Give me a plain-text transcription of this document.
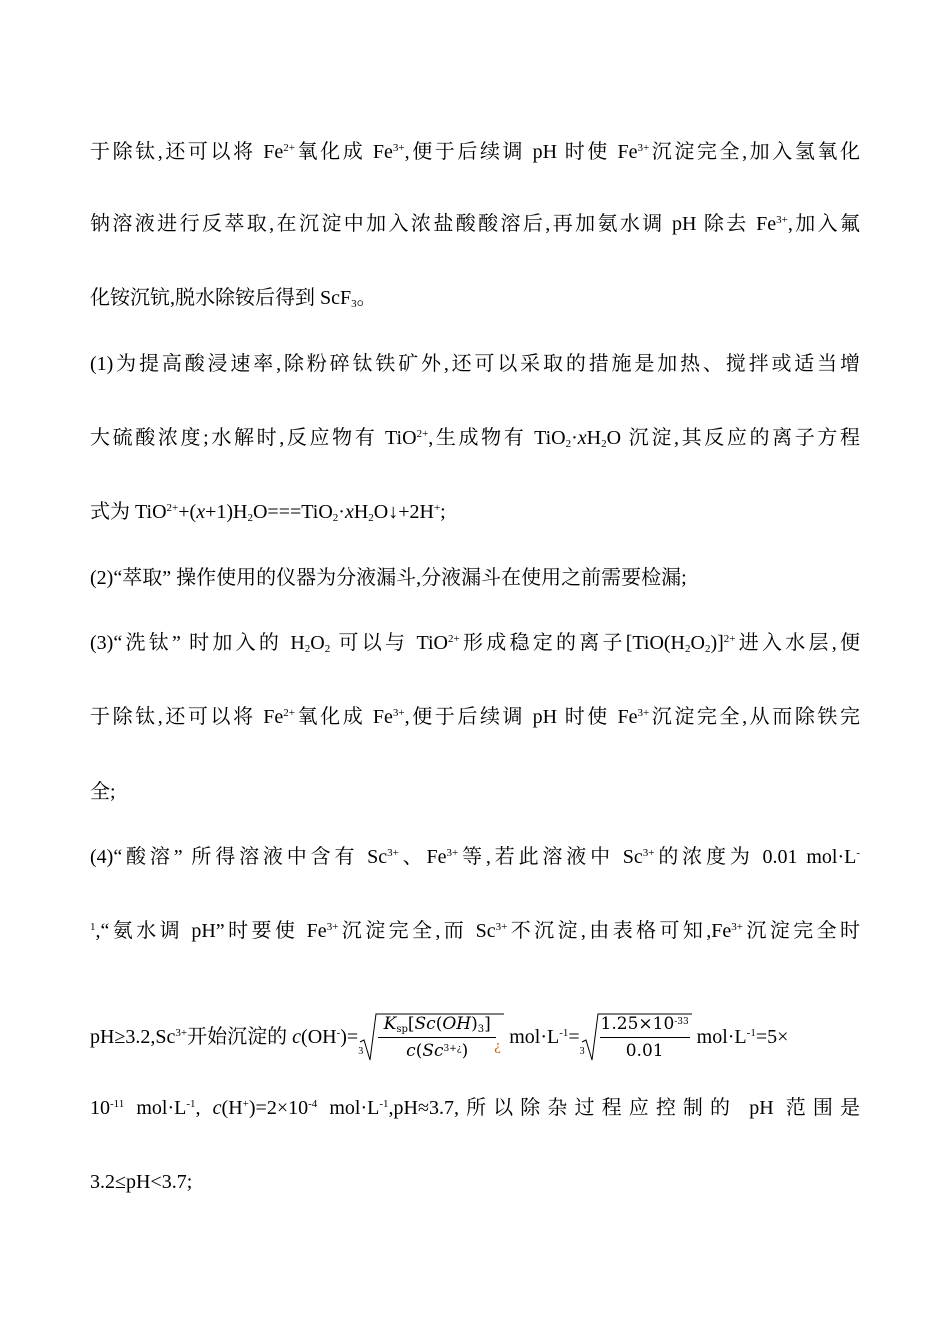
于除钛,还可以将 $Fe^{2+}$氧化成 $Fe^{3+}$,便于后续调 pH 时使 $Fe^{3+}$沉淀完全,加入氢氧化
钠溶液进行反萃取,在沉淀中加入浓盐酸酸溶后,再加氨水调 pH 除去 $Fe^{3+}$,加入氟
化铵沉钪,脱水除铵后得到 ScF$_3$。
(1)为提高酸浸速率,除粉碎钛铁矿外,还可以采取的措施是加热、搅拌或适当增
大硫酸浓度;水解时,反应物有 TiO$^{2+}$,生成物有 $TiO_2\cdot xH_2O$ 沉淀,其反应的离子方程
式为 $TiO^{2+}+(x+1)H_2O===TiO_2\cdot xH_2O↓+2H^+$;
(2)“萃取” 操作使用的仪器为分液漏斗,分液漏斗在使用之前需要检漏;
(3)“洗钛” 时加入的 $H_2O_2$ 可以与 TiO$^{2+}$形成稳定的离子$[TiO(H_2O_2)]^{2+}$进入水层,便
于除钛,还可以将 $Fe^{2+}$氧化成 $Fe^{3+}$,便于后续调 pH 时使 $Fe^{3+}$沉淀完全,从而除铁完
全;
(4)“酸溶” 所得溶液中含有 $Sc^{3+}$、$Fe^{3+}$等,若此溶液中 $Sc^{3+}$的浓度为 0.01 mol·L-
$^1$,“氨水调 pH”时要使 $Fe^{3+}$沉淀完全,而 $Sc^{3+}$不沉淀,由表格可知$,Fe^{3+}$沉淀完全时
$pH\ge 3.2,Sc^{3+}$开始沉淀的 c(OH-)=
3
$K_{sp}[Sc(OH)_3]$
$c(Sc^{3+¿})$	¿ $mol\cdot L^{-1}=$
3
$1.25\times 10^{-33}$
0.01
$mol\cdot L^{-1}=5\times$
$10^{-11}$ $mol\cdot L^{-1}$, $c(H^+)=2\times 10^{-4}$ $mol\cdot L^{-1},pH\approx 3.7$,所以除杂过程应控制的 pH 范围是
3.2≤pH<3.7;
